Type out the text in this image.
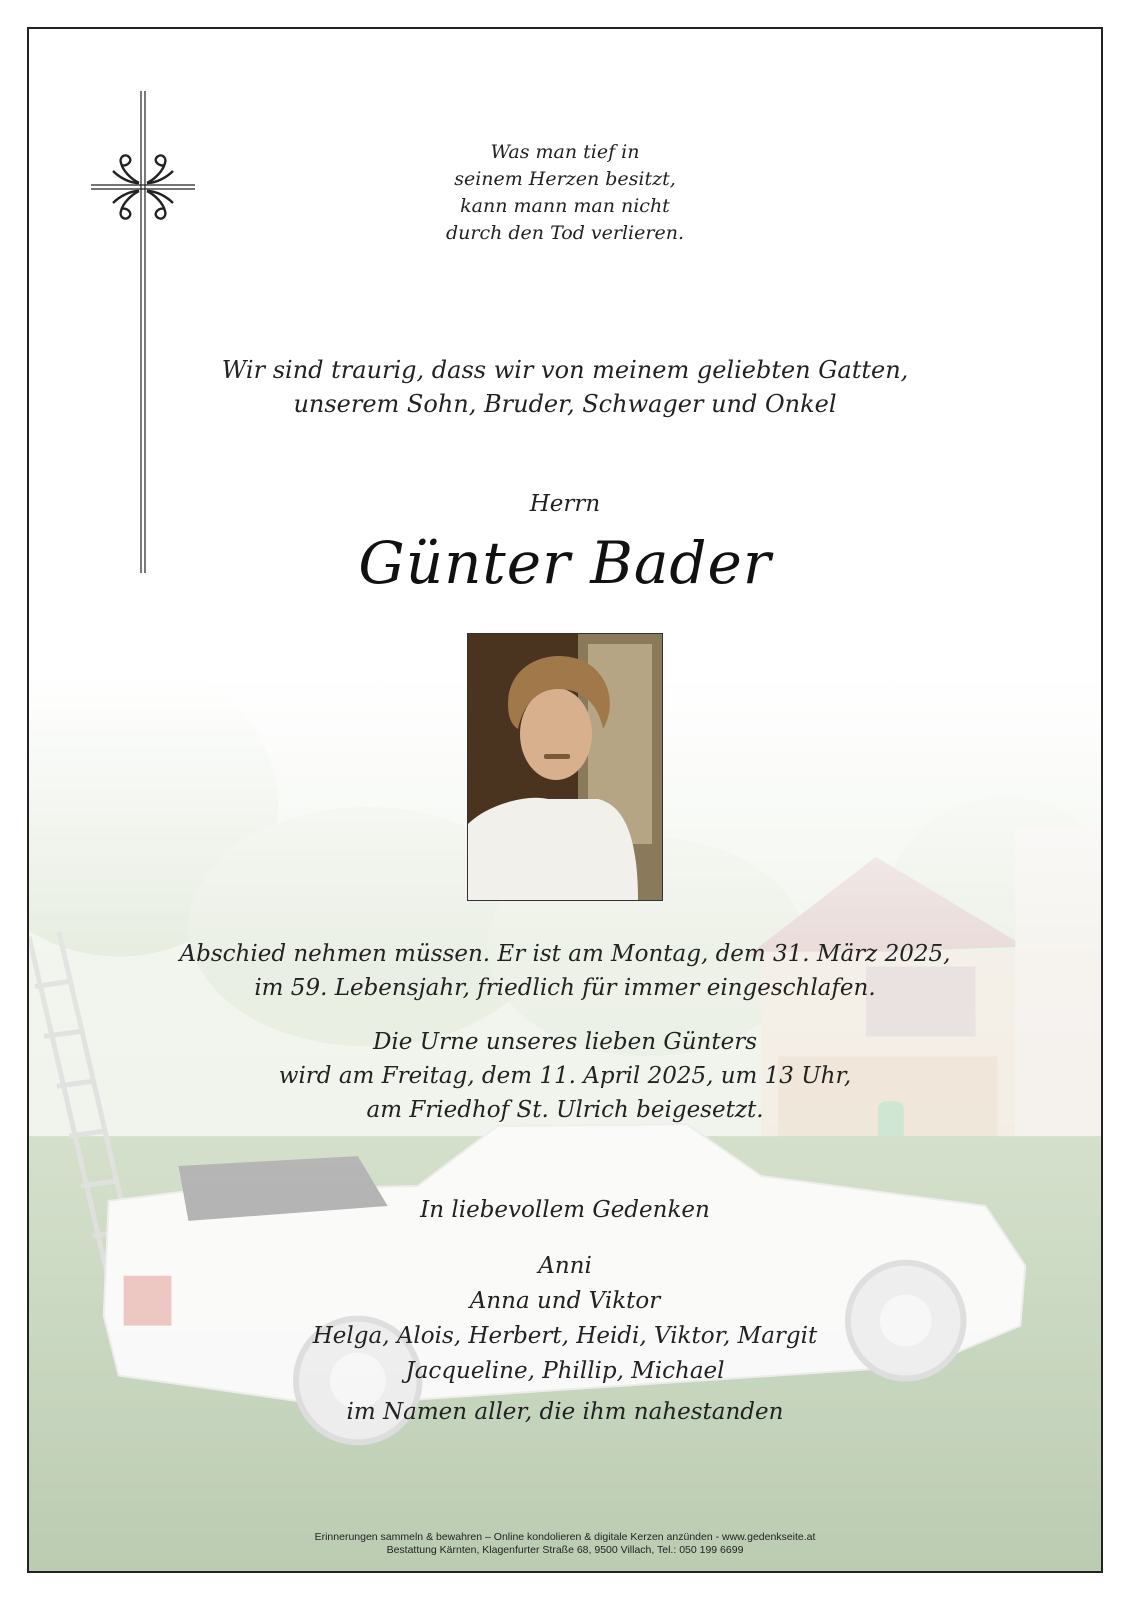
Was man tief in
seinem Herzen besitzt,
kann mann man nicht
durch den Tod verlieren.
Wir sind traurig, dass wir von meinem geliebten Gatten,
unserem Sohn, Bruder, Schwager und Onkel
Herrn
Günter Bader
Abschied nehmen müssen. Er ist am Montag, dem 31. März 2025,
im 59. Lebensjahr, friedlich für immer eingeschlafen.
Die Urne unseres lieben Günters
wird am Freitag, dem 11. April 2025, um 13 Uhr,
am Friedhof St. Ulrich beigesetzt.
In liebevollem Gedenken
Anni
Anna und Viktor
Helga, Alois, Herbert, Heidi, Viktor, Margit
Jacqueline, Phillip, Michael
im Namen aller, die ihm nahestanden
Erinnerungen sammeln & bewahren – Online kondolieren & digitale Kerzen anzünden - www.gedenkseite.at
Bestattung Kärnten, Klagenfurter Straße 68, 9500 Villach, Tel.: 050 199 6699
